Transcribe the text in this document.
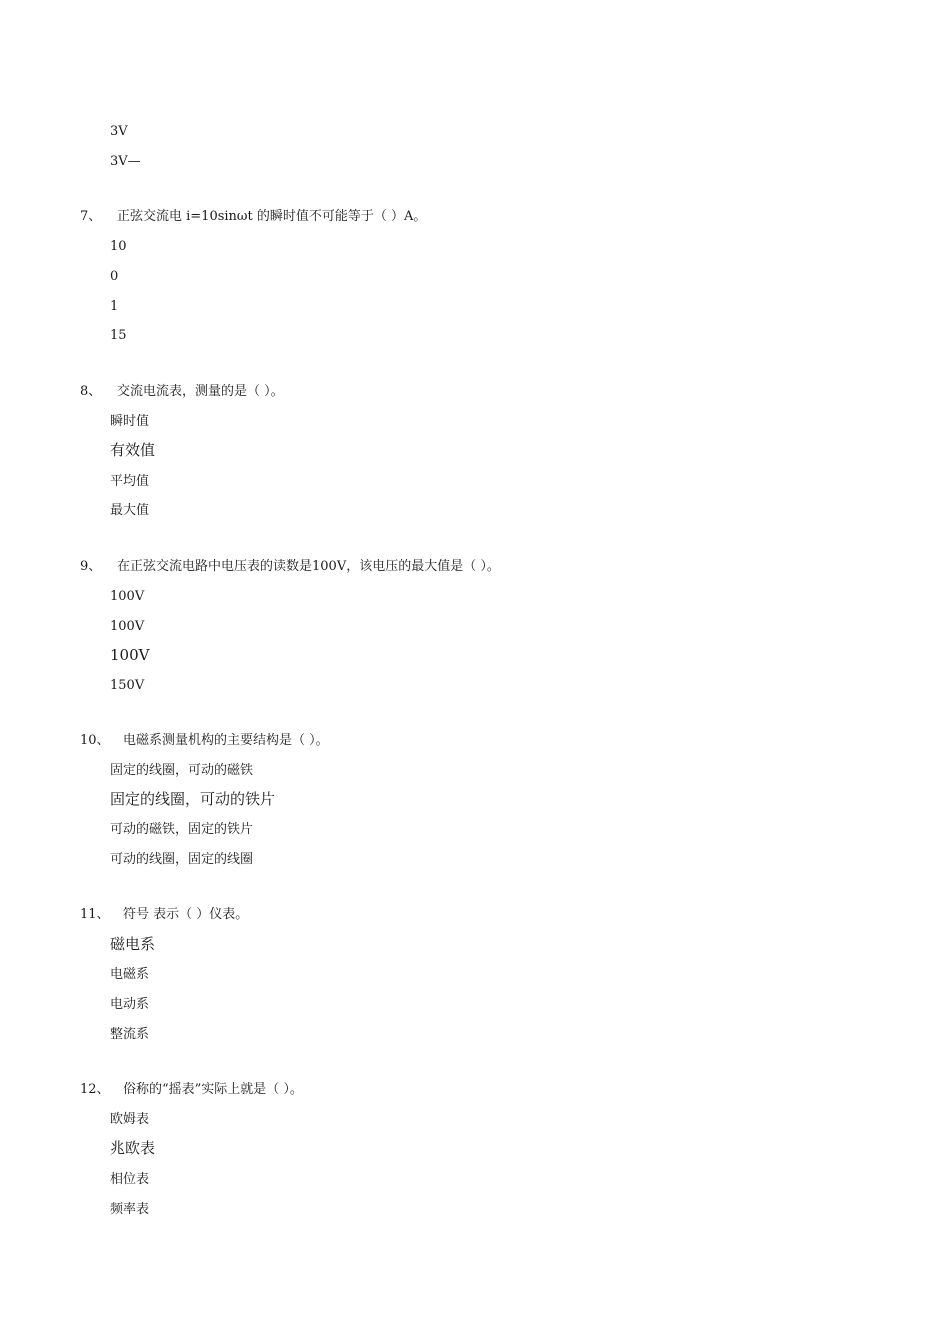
3V
3V—
7、 正弦交流电 i=10sinωt 的瞬时值不可能等于（ ）A。
10
0
1
15
8、 交流电流表，测量的是（ ）。
瞬时值
有效值
平均值
最大值
9、 在正弦交流电路中电压表的读数是100V，该电压的最大值是（ ）。
100V
100V
100V
150V
10、 电磁系测量机构的主要结构是（ ）。
固定的线圈，可动的磁铁
固定的线圈，可动的铁片
可动的磁铁，固定的铁片
可动的线圈，固定的线圈
11、 符号 表示（ ）仪表。
磁电系
电磁系
电动系
整流系
12、 俗称的“摇表”实际上就是（ ）。
欧姆表
兆欧表
相位表
频率表
